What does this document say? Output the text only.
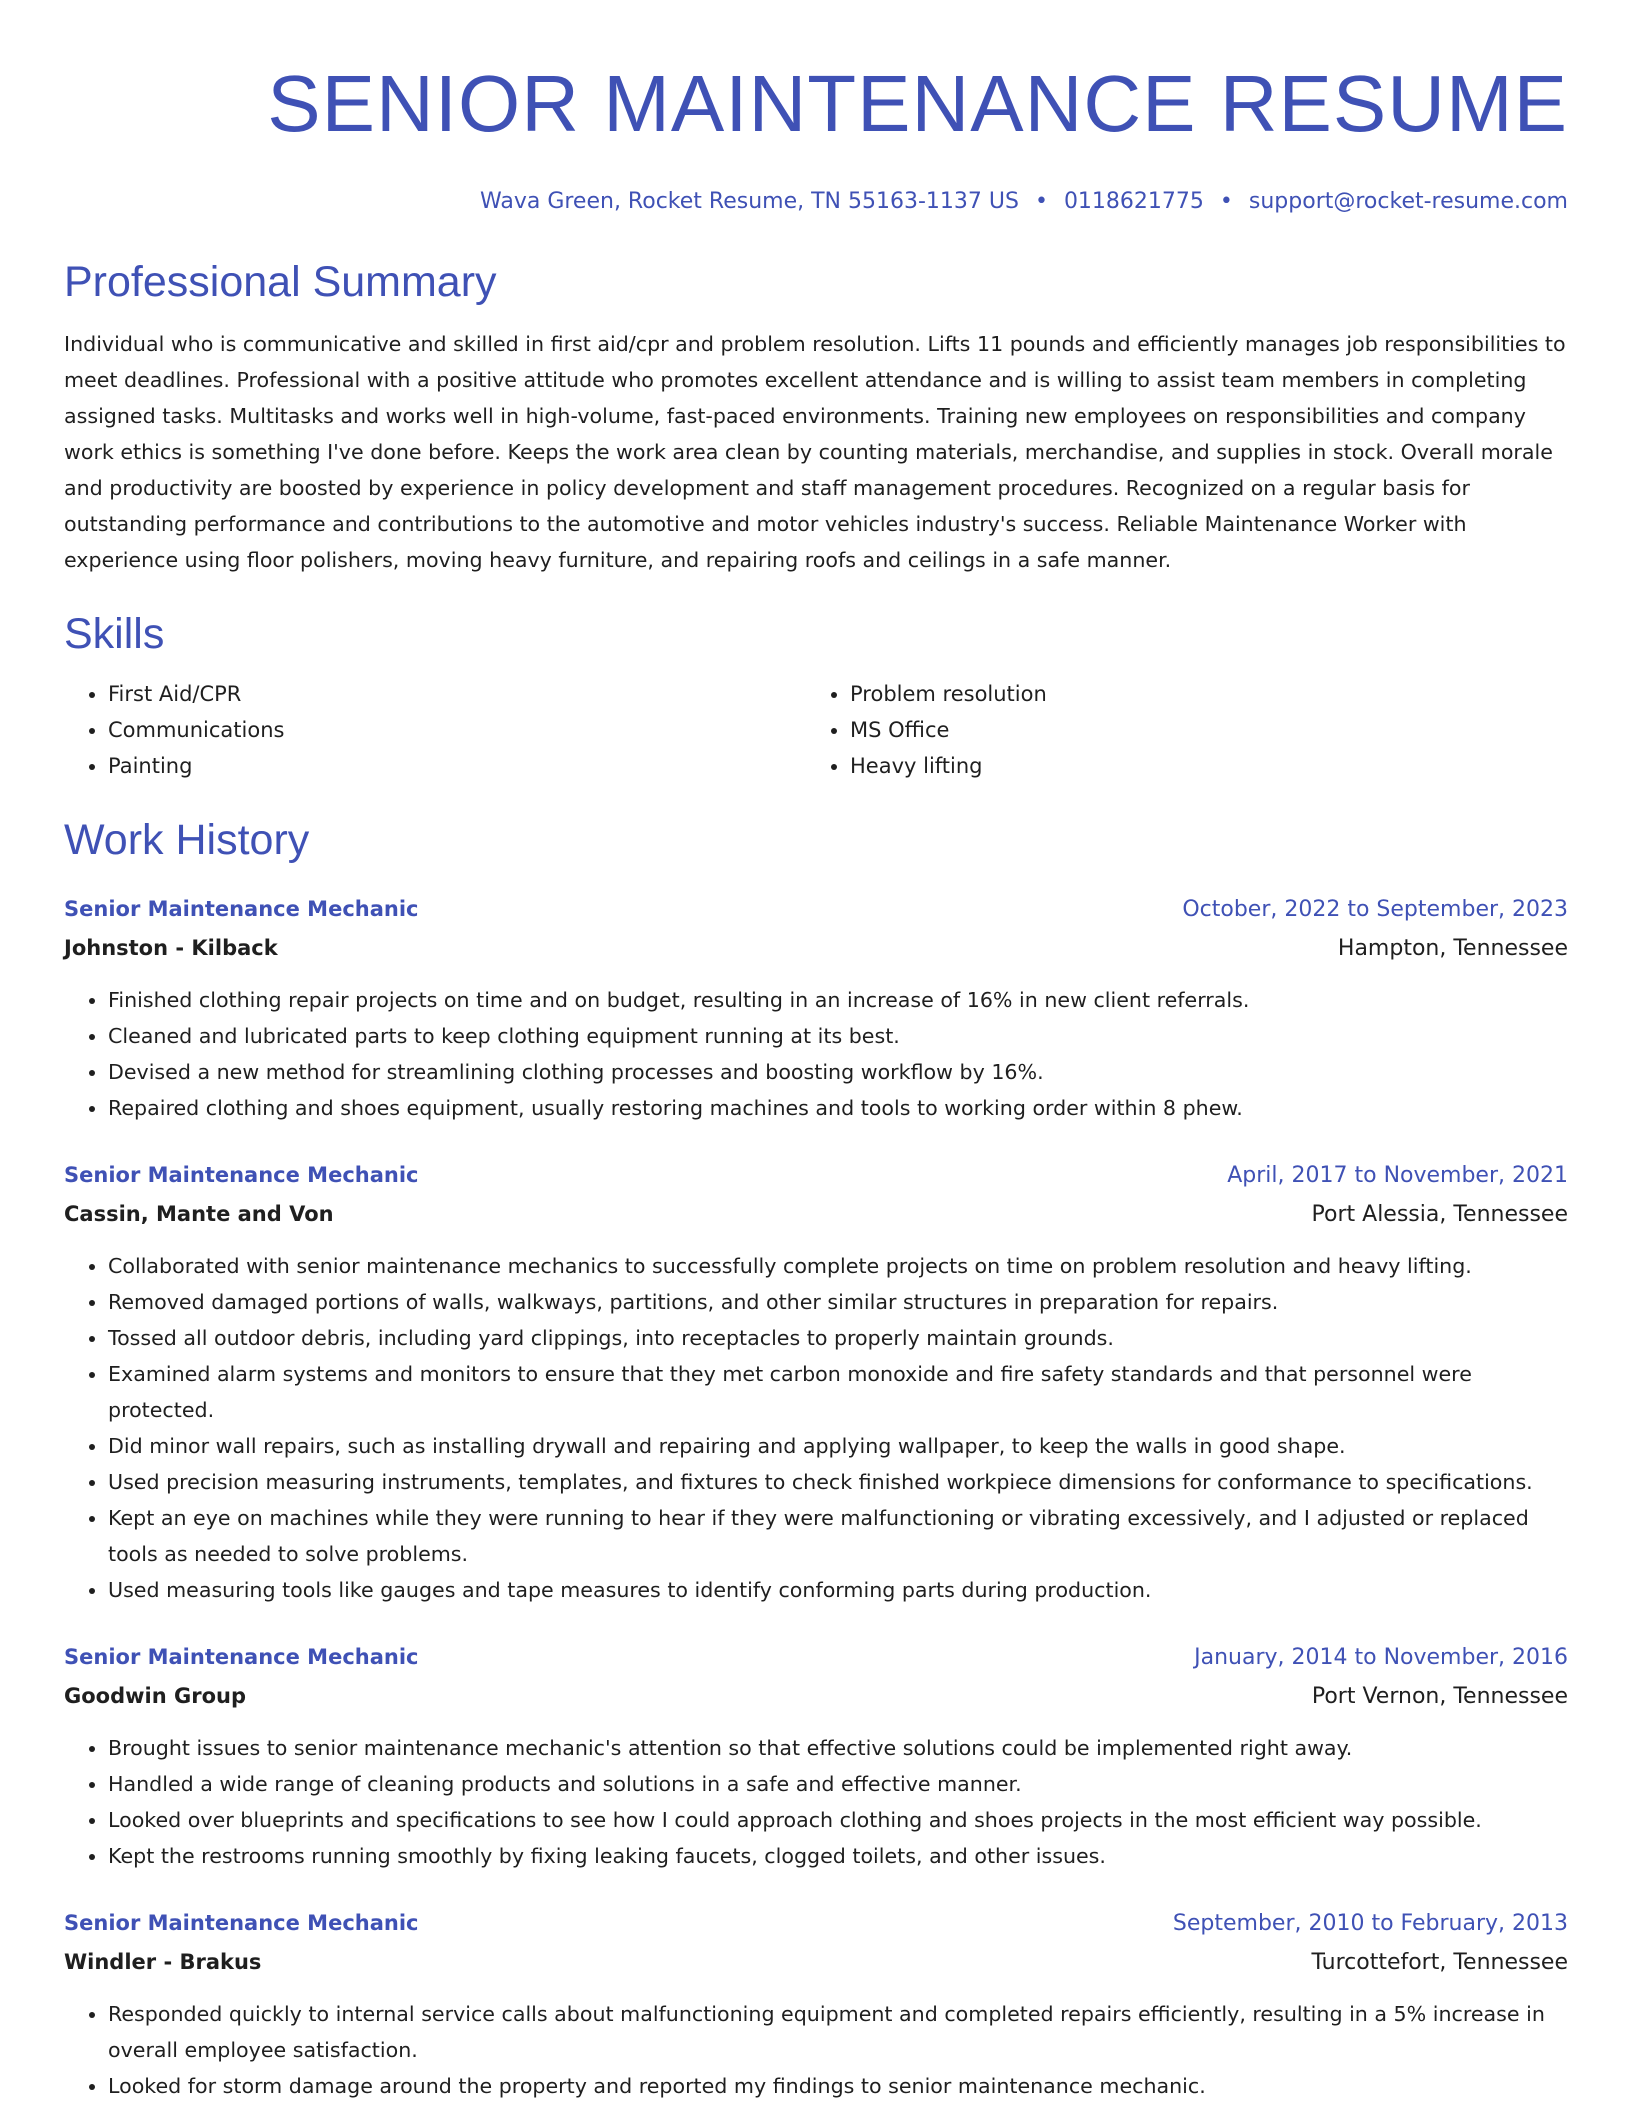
SENIOR MAINTENANCE RESUME
Wava Green, Rocket Resume, TN 55163-1137 US • 0118621775 • support@rocket-resume.com
Professional Summary

Individual who is communicative and skilled in first aid/cpr and problem resolution. Lifts 11 pounds and efficiently manages job responsibilities to meet deadlines. Professional with a positive attitude who promotes excellent attendance and is willing to assist team members in completing assigned tasks. Multitasks and works well in high-volume, fast-paced environments. Training new employees on responsibilities and company work ethics is something I've done before. Keeps the work area clean by counting materials, merchandise, and supplies in stock. Overall morale and productivity are boosted by experience in policy development and staff management procedures. Recognized on a regular basis for outstanding performance and contributions to the automotive and motor vehicles industry's success. Reliable Maintenance Worker with experience using floor polishers, moving heavy furniture, and repairing roofs and ceilings in a safe manner.

Skills
• First Aid/CPR
• Communications
• Painting
• Problem resolution
• MS Office
• Heavy lifting
Work History
Senior Maintenance Mechanic	October, 2022 to September, 2023
Johnston - Kilback	Hampton, Tennessee
• Finished clothing repair projects on time and on budget, resulting in an increase of 16% in new client referrals.
• Cleaned and lubricated parts to keep clothing equipment running at its best.
• Devised a new method for streamlining clothing processes and boosting workflow by 16%.
• Repaired clothing and shoes equipment, usually restoring machines and tools to working order within 8 phew.
Senior Maintenance Mechanic	April, 2017 to November, 2021
Cassin, Mante and Von	Port Alessia, Tennessee
• Collaborated with senior maintenance mechanics to successfully complete projects on time on problem resolution and heavy lifting.
• Removed damaged portions of walls, walkways, partitions, and other similar structures in preparation for repairs.
• Tossed all outdoor debris, including yard clippings, into receptacles to properly maintain grounds.
• Examined alarm systems and monitors to ensure that they met carbon monoxide and fire safety standards and that personnel were protected.
• Did minor wall repairs, such as installing drywall and repairing and applying wallpaper, to keep the walls in good shape.
• Used precision measuring instruments, templates, and fixtures to check finished workpiece dimensions for conformance to specifications.
• Kept an eye on machines while they were running to hear if they were malfunctioning or vibrating excessively, and I adjusted or replaced tools as needed to solve problems.
• Used measuring tools like gauges and tape measures to identify conforming parts during production.
Senior Maintenance Mechanic	January, 2014 to November, 2016
Goodwin Group	Port Vernon, Tennessee
• Brought issues to senior maintenance mechanic's attention so that effective solutions could be implemented right away.
• Handled a wide range of cleaning products and solutions in a safe and effective manner.
• Looked over blueprints and specifications to see how I could approach clothing and shoes projects in the most efficient way possible.
• Kept the restrooms running smoothly by fixing leaking faucets, clogged toilets, and other issues.
Senior Maintenance Mechanic	September, 2010 to February, 2013
Windler - Brakus	Turcottefort, Tennessee
• Responded quickly to internal service calls about malfunctioning equipment and completed repairs efficiently, resulting in a 5% increase in overall employee satisfaction.
• Looked for storm damage around the property and reported my findings to senior maintenance mechanic.
